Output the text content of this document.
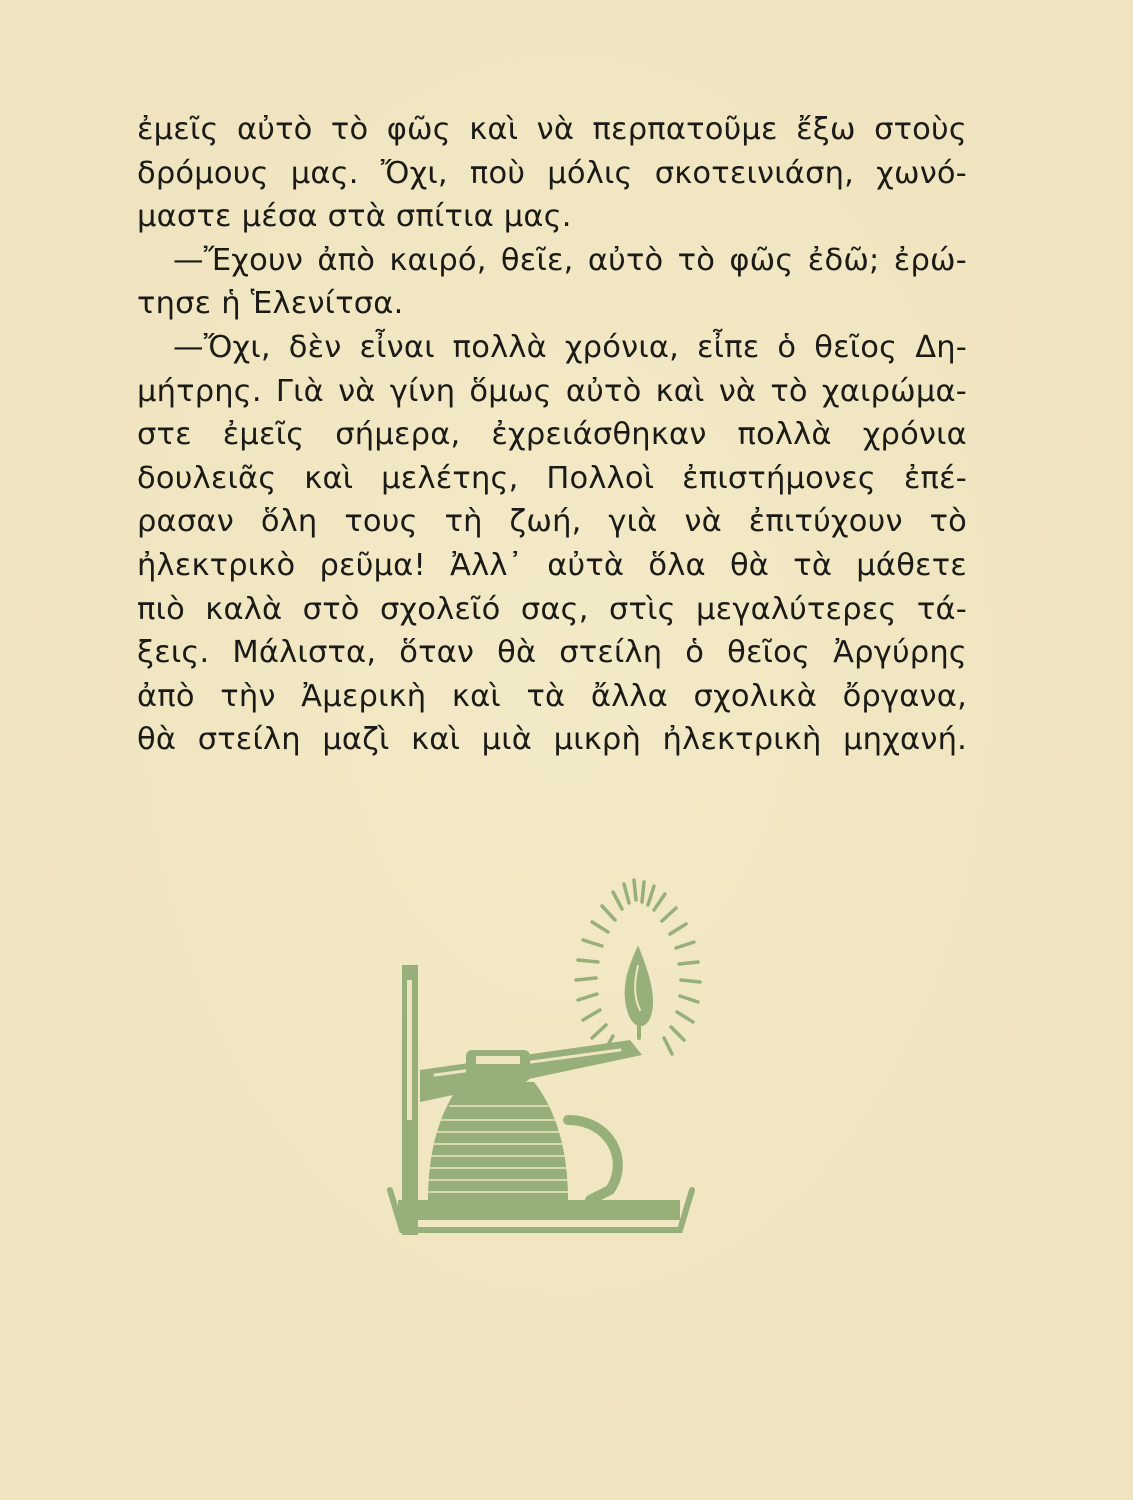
ἐμεῖς αὐτὸ τὸ φῶς καὶ νὰ περπατοῦμε ἔξω στοὺς
δρόμους μας. Ὄχι, ποὺ μόλις σκοτεινιάση, χωνό-
μαστε μέσα στὰ σπίτια μας.
—Ἔχουν ἀπὸ καιρό, θεῖε, αὐτὸ τὸ φῶς ἐδῶ; ἐρώ-
τησε ἡ Ἑλενίτσα.
—Ὄχι, δὲν εἶναι πολλὰ χρόνια, εἶπε ὁ θεῖος Δη-
μήτρης. Γιὰ νὰ γίνη ὅμως αὐτὸ καὶ νὰ τὸ χαιρώμα-
στε ἐμεῖς σήμερα, ἐχρειάσθηκαν πολλὰ χρόνια
δουλειᾶς καὶ μελέτης, Πολλοὶ ἐπιστήμονες ἐπέ-
ρασαν ὅλη τους τὴ ζωή, γιὰ νὰ ἐπιτύχουν τὸ
ἠλεκτρικὸ ρεῦμα! Ἀλλ᾽ αὐτὰ ὅλα θὰ τὰ μάθετε
πιὸ καλὰ στὸ σχολεῖό σας, στὶς μεγαλύτερες τά-
ξεις. Μάλιστα, ὅταν θὰ στείλη ὁ θεῖος Ἀργύρης
ἀπὸ τὴν Ἀμερικὴ καὶ τὰ ἄλλα σχολικὰ ὄργανα,
θὰ στείλη μαζὶ καὶ μιὰ μικρὴ ἠλεκτρικὴ μηχανή.
